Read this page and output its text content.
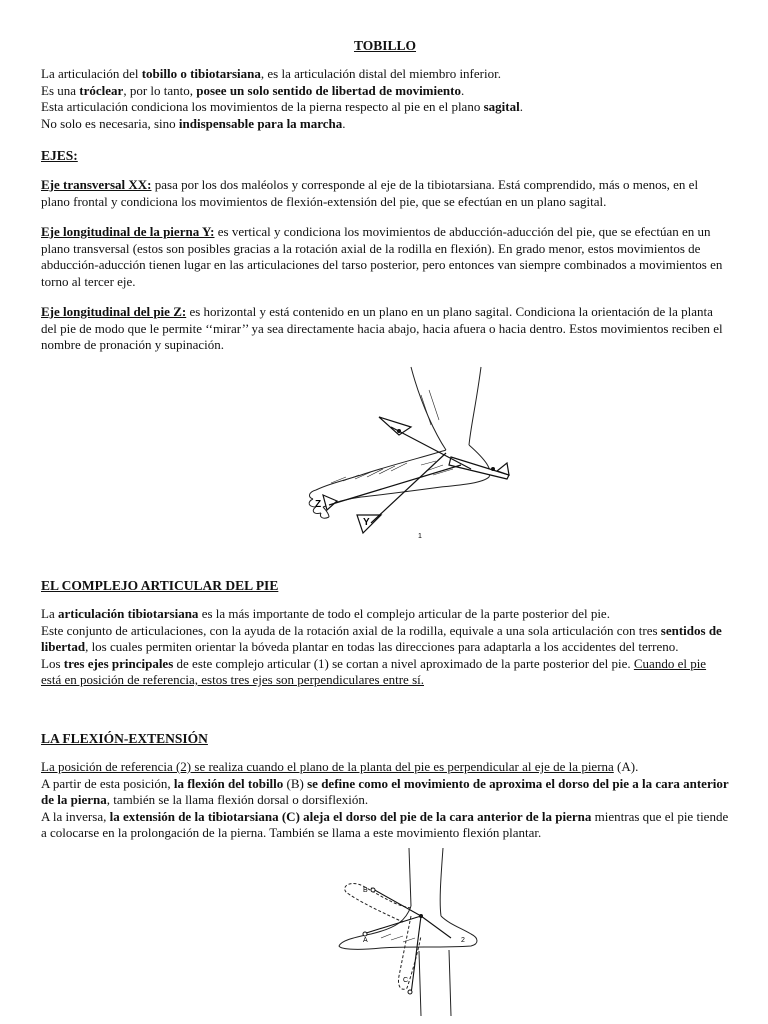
TOBILLO

La articulación del tobillo o tibiotarsiana, es la articulación distal del miembro inferior.
Es una tróclear, por lo tanto, posee un solo sentido de libertad de movimiento.
Esta articulación condiciona los movimientos de la pierna respecto al pie en el plano sagital.
No solo es necesaria, sino indispensable para la marcha.

EJES:

Eje transversal XX: pasa por los dos maléolos y corresponde al eje de la tibiotarsiana. Está comprendido, más o menos, en el plano frontal y condiciona los movimientos de flexión-extensión del pie, que se efectúan en un plano sagital.

Eje longitudinal de la pierna Y: es vertical y condiciona los movimientos de abducción-aducción del pie, que se efectúan en un plano transversal (estos son posibles gracias a la rotación axial de la rodilla en flexión). En grado menor, estos movimientos de abducción-aducción tienen lugar en las articulaciones del tarso posterior, pero entonces van siempre combinados a movimientos en torno al tercer eje.

Eje longitudinal del pie Z: es horizontal y está contenido en un plano en un plano sagital. Condiciona la orientación de la planta del pie de modo que le permite ‘‘mirar’’ ya sea directamente hacia abajo, hacia afuera o hacia dentro. Estos movimientos reciben el nombre de pronación y supinación.

Z
Y
1
EL COMPLEJO ARTICULAR DEL PIE

La articulación tibiotarsiana es la más importante de todo el complejo articular de la parte posterior del pie.
Este conjunto de articulaciones, con la ayuda de la rotación axial de la rodilla, equivale a una sola articulación con tres sentidos de libertad, los cuales permiten orientar la bóveda plantar en todas las direcciones para adaptarla a los accidentes del terreno.
Los tres ejes principales de este complejo articular (1) se cortan a nivel aproximado de la parte posterior del pie. Cuando el pie está en posición de referencia, estos tres ejes son perpendiculares entre sí.

LA FLEXIÓN-EXTENSIÓN

La posición de referencia (2) se realiza cuando el plano de la planta del pie es perpendicular al eje de la pierna (A).
A partir de esta posición, la flexión del tobillo (B) se define como el movimiento de aproxima el dorso del pie a la cara anterior de la pierna, también se la llama flexión dorsal o dorsiflexión.
A la inversa, la extensión de la tibiotarsiana (C) aleja el dorso del pie de la cara anterior de la pierna mientras que el pie tiende a colocarse en la prolongación de la pierna. También se llama a este movimiento flexión plantar.

B
A
C
2
